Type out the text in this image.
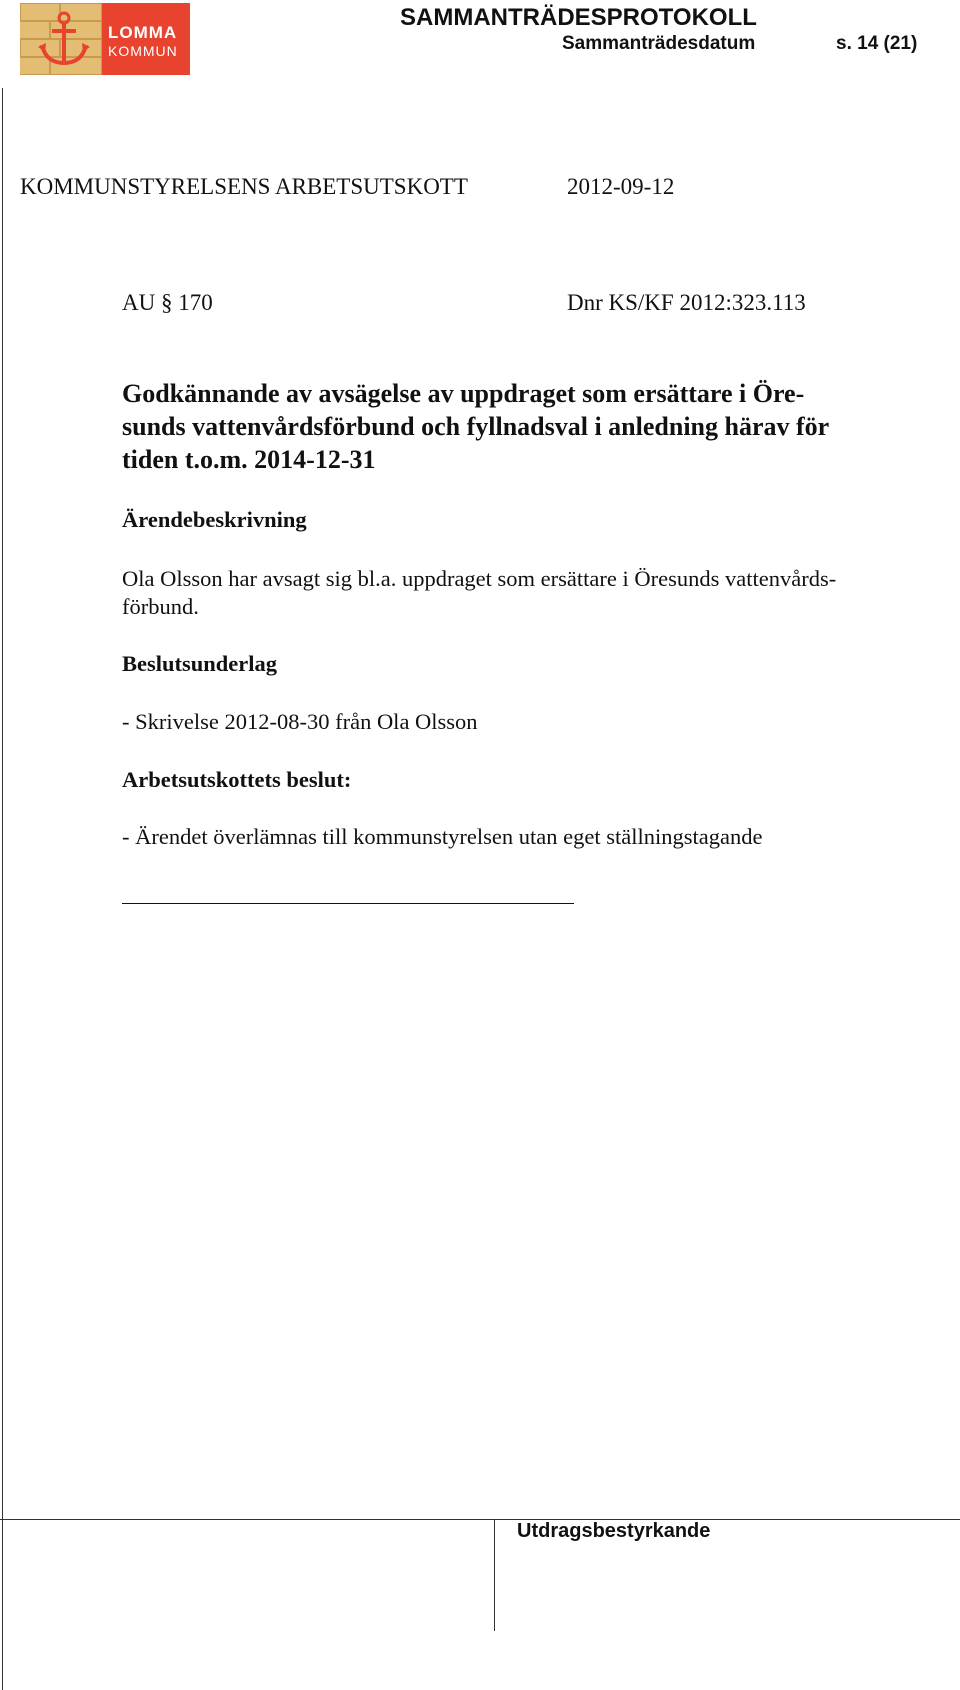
LOMMA
KOMMUN
SAMMANTRÄDESPROTOKOLL
Sammanträdesdatum	s. 14 (21)
KOMMUNSTYRELSENS ARBETSUTSKOTT	2012-09-12
AU § 170	Dnr KS/KF 2012:323.113
Godkännande av avsägelse av uppdraget som ersättare i Öre-
sunds vattenvårdsförbund och fyllnadsval i anledning härav för
tiden t.o.m. 2014-12-31
Ärendebeskrivning
Ola Olsson har avsagt sig bl.a. uppdraget som ersättare i Öresunds vattenvårds-
förbund.
Beslutsunderlag
- Skrivelse 2012-08-30 från Ola Olsson
Arbetsutskottets beslut:
- Ärendet överlämnas till kommunstyrelsen utan eget ställningstagande
Utdragsbestyrkande
